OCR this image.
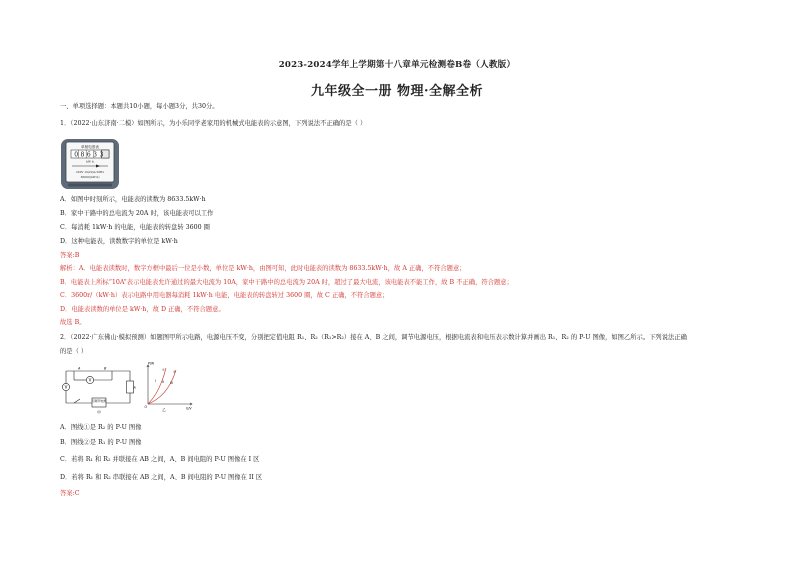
2023-2024学年上学期第十八章单元检测卷B卷（人教版）
九年级全一册 物理·全解全析
一、单项选择题：本题共10小题，每小题3分，共30分。
1．（2022·山东济南·二模）如图所示，为小乐同学老家用的机械式电能表的示意图，下列说法不正确的是（ ）
单相电度表
08633
kW·h
220V 10(20)A 50Hz
3600r/(kW·h)
A．如图中时刻所示，电能表的读数为 8633.5kW·h
B．家中干路中的总电流为 20A 时，该电能表可以工作
C．每消耗 1kW·h 的电能，电能表的转盘转 3600 圈
D．这种电能表，读数数字的单位是 kW·h
答案:B
解析：A．电能表读数时，数字方框中最后一位是小数，单位是 kW·h，由图可知，此时电能表的读数为 8633.5kW·h，故 A 正确，不符合题意；
B．电能表上所标“10A”表示电能表允许通过的最大电流为 10A，家中干路中的总电流为 20A 时，超过了最大电流，该电能表不能工作，故 B 不正确，符合题意；
C．3600r/（kW·h）表示电路中用电器每消耗 1kW·h 电能，电能表的转盘转过 3600 圈，故 C 正确，不符合题意；
D．电能表读数的单位是 kW·h，故 D 正确，不符合题意。
故选 B。
2．（2022·广东佛山·模拟预测）如题图甲所示电路，电源电压不变，分别把定值电阻 R₁、R₂（R₁>R₂）接在 A、B 之间，调节电源电压，根据电流表和电压表示数计算并画出 R₁、R₂ 的 P-U 图像，如图乙所示。下列说法正确
的是（ ）
V
V
A	B
R
可调节电源
甲
P/W
U/V
O
①	②
I II III
乙
A．图线①是 R₂ 的 P-U 图像
B．图线②是 R₁ 的 P-U 图像
C．若将 R₁ 和 R₂ 并联接在 AB 之间，A、B 间电阻的 P-U 图像在 I 区
D．若将 R₁ 和 R₂ 串联接在 AB 之间，A、B 间电阻的 P-U 图像在 II 区
答案:C
